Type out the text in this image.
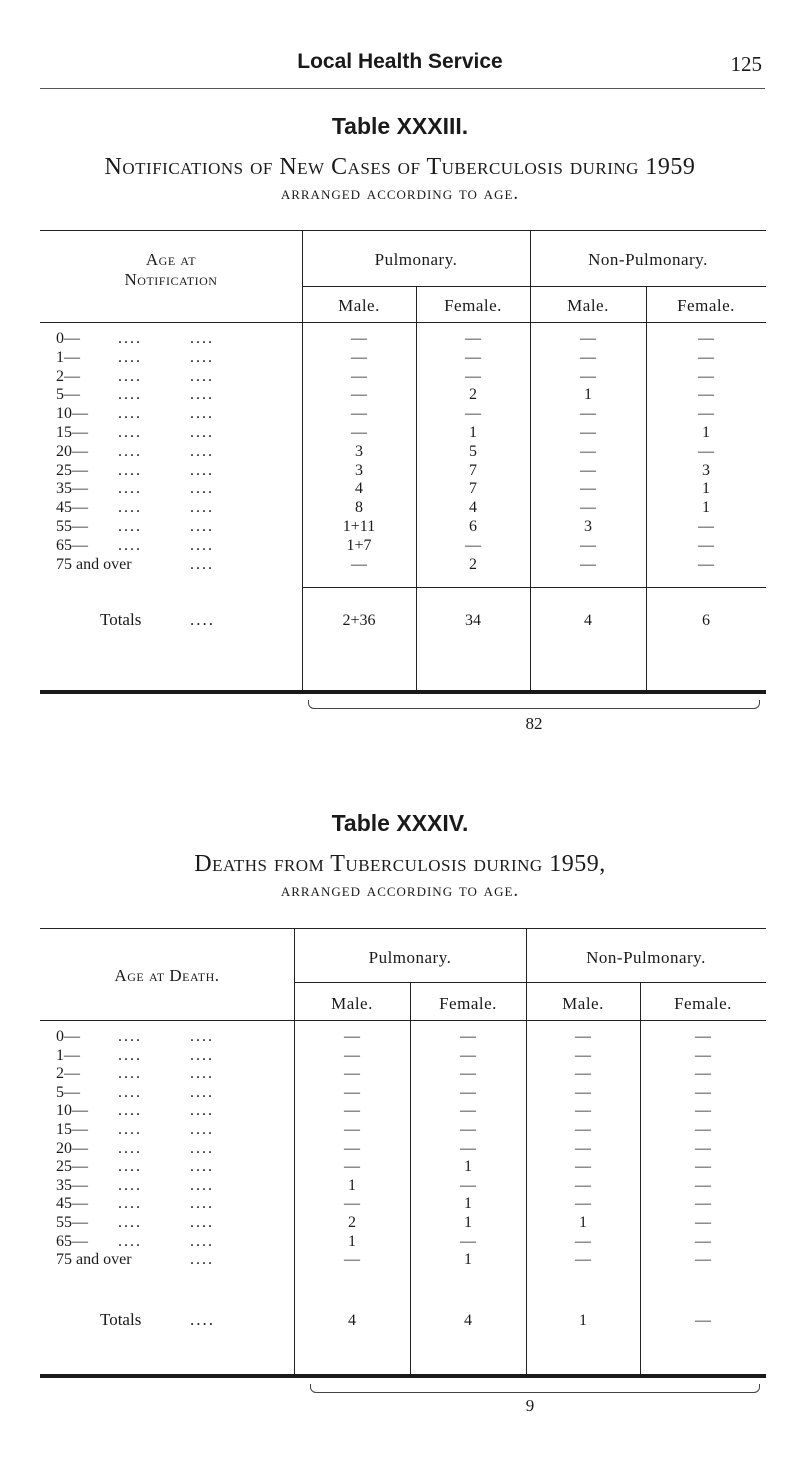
Local Health Service	125
Table XXXIII.
Notifications of New Cases of Tuberculosis during 1959
arranged according to age.
Age at
Notification
Pulmonary.	Non-Pulmonary.
Male.	Female.	Male.	Female.
0— ....	....	—	—	—	—
1— ....	....	—	—	—	—
2— ....	....	—	—	—	—
5— ....	....	—	2	1	—
10— ....	....	—	—	—	—
15— ....	....	—	1	—	1
20— ....	....	3	5	—	—
25— ....	....	3	7	—	3
35— ....	....	4	7	—	1
45— ....	....	8	4	—	1
55— ....	....	1+11	6	3	—
65— ....	....	1+7	—	—	—
75 and over	....	—	2	—	—
Totals	....	2+36	34	4	6
82
Table XXXIV.
Deaths from Tuberculosis during 1959,
arranged according to age.
Age at Death.
Pulmonary.	Non-Pulmonary.
Male.	Female.	Male.	Female.
0— ....	....	—	—	—	—
1— ....	....	—	—	—	—
2— ....	....	—	—	—	—
5— ....	....	—	—	—	—
10— ....	....	—	—	—	—
15— ....	....	—	—	—	—
20— ....	....	—	—	—	—
25— ....	....	—	1	—	—
35— ....	....	1	—	—	—
45— ....	....	—	1	—	—
55— ....	....	2	1	1	—
65— ....	....	1	—	—	—
75 and over	....	—	1	—	—
Totals	....	4	4	1	—
9
